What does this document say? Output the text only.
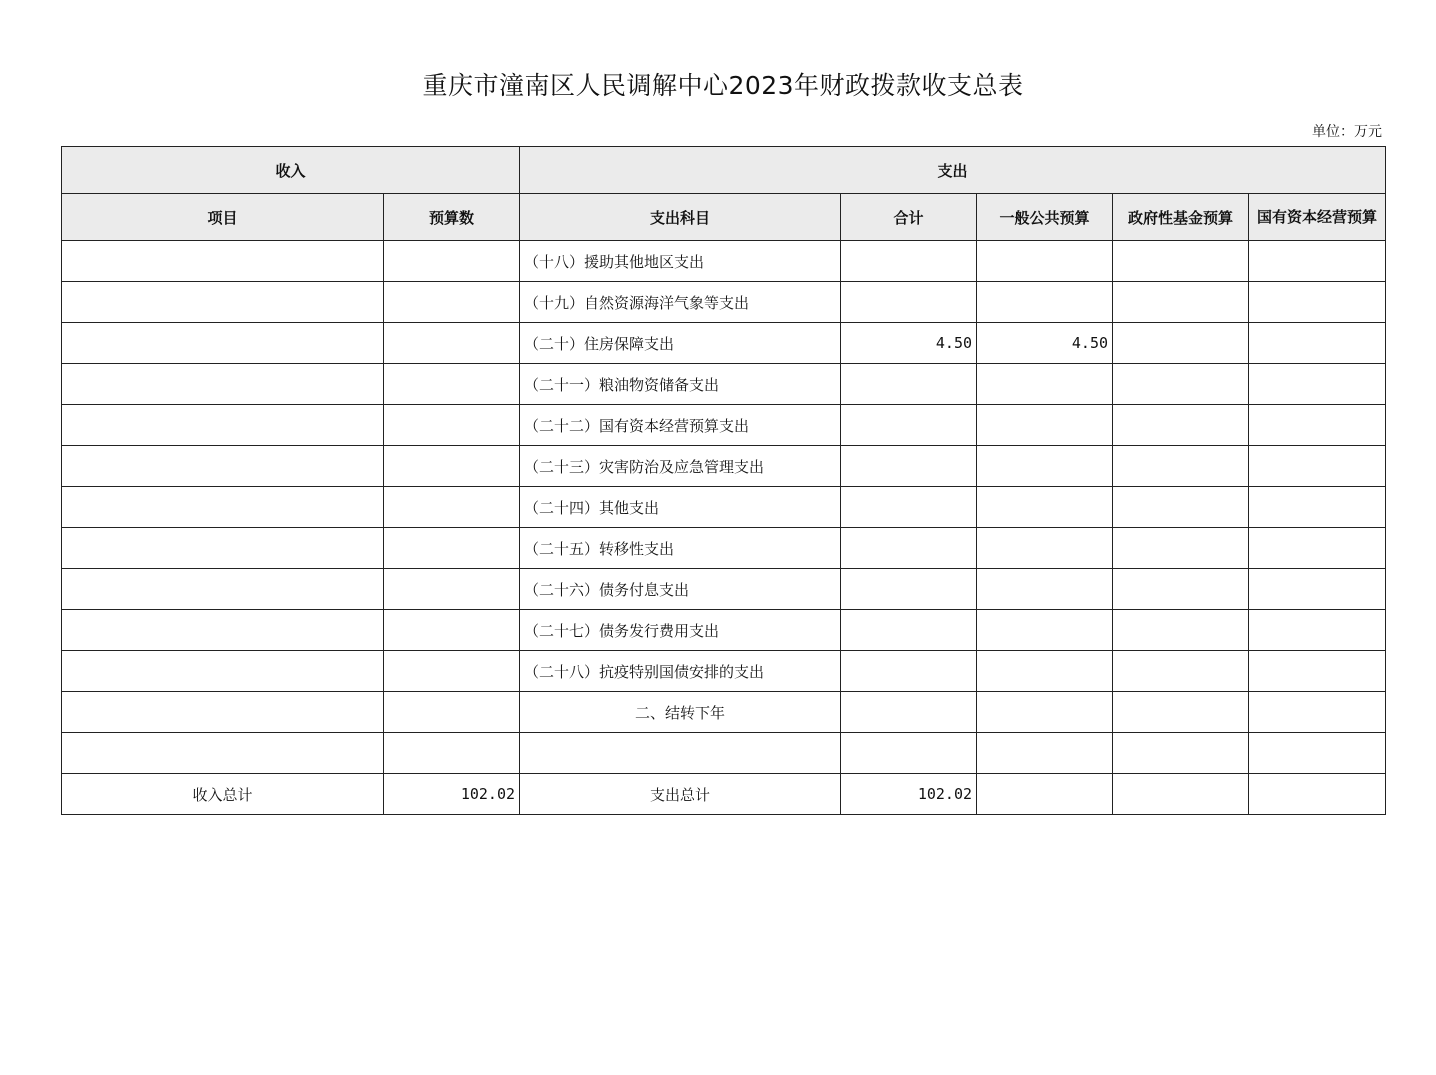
重庆市潼南区人民调解中心2023年财政拨款收支总表
单位：万元
收入		支出				
项目	预算数	支出科目	合计	一般公共预算	政府性基金预算	国有资本经营预算
		（十八）援助其他地区支出				
		（十九）自然资源海洋气象等支出				
		（二十）住房保障支出	4.50	4.50		
		（二十一）粮油物资储备支出				
		（二十二）国有资本经营预算支出				
		（二十三）灾害防治及应急管理支出				
		（二十四）其他支出				
		（二十五）转移性支出				
		（二十六）债务付息支出				
		（二十七）债务发行费用支出				
		（二十八）抗疫特别国债安排的支出				
		二、结转下年				

收入总计	102.02	支出总计	102.02			
